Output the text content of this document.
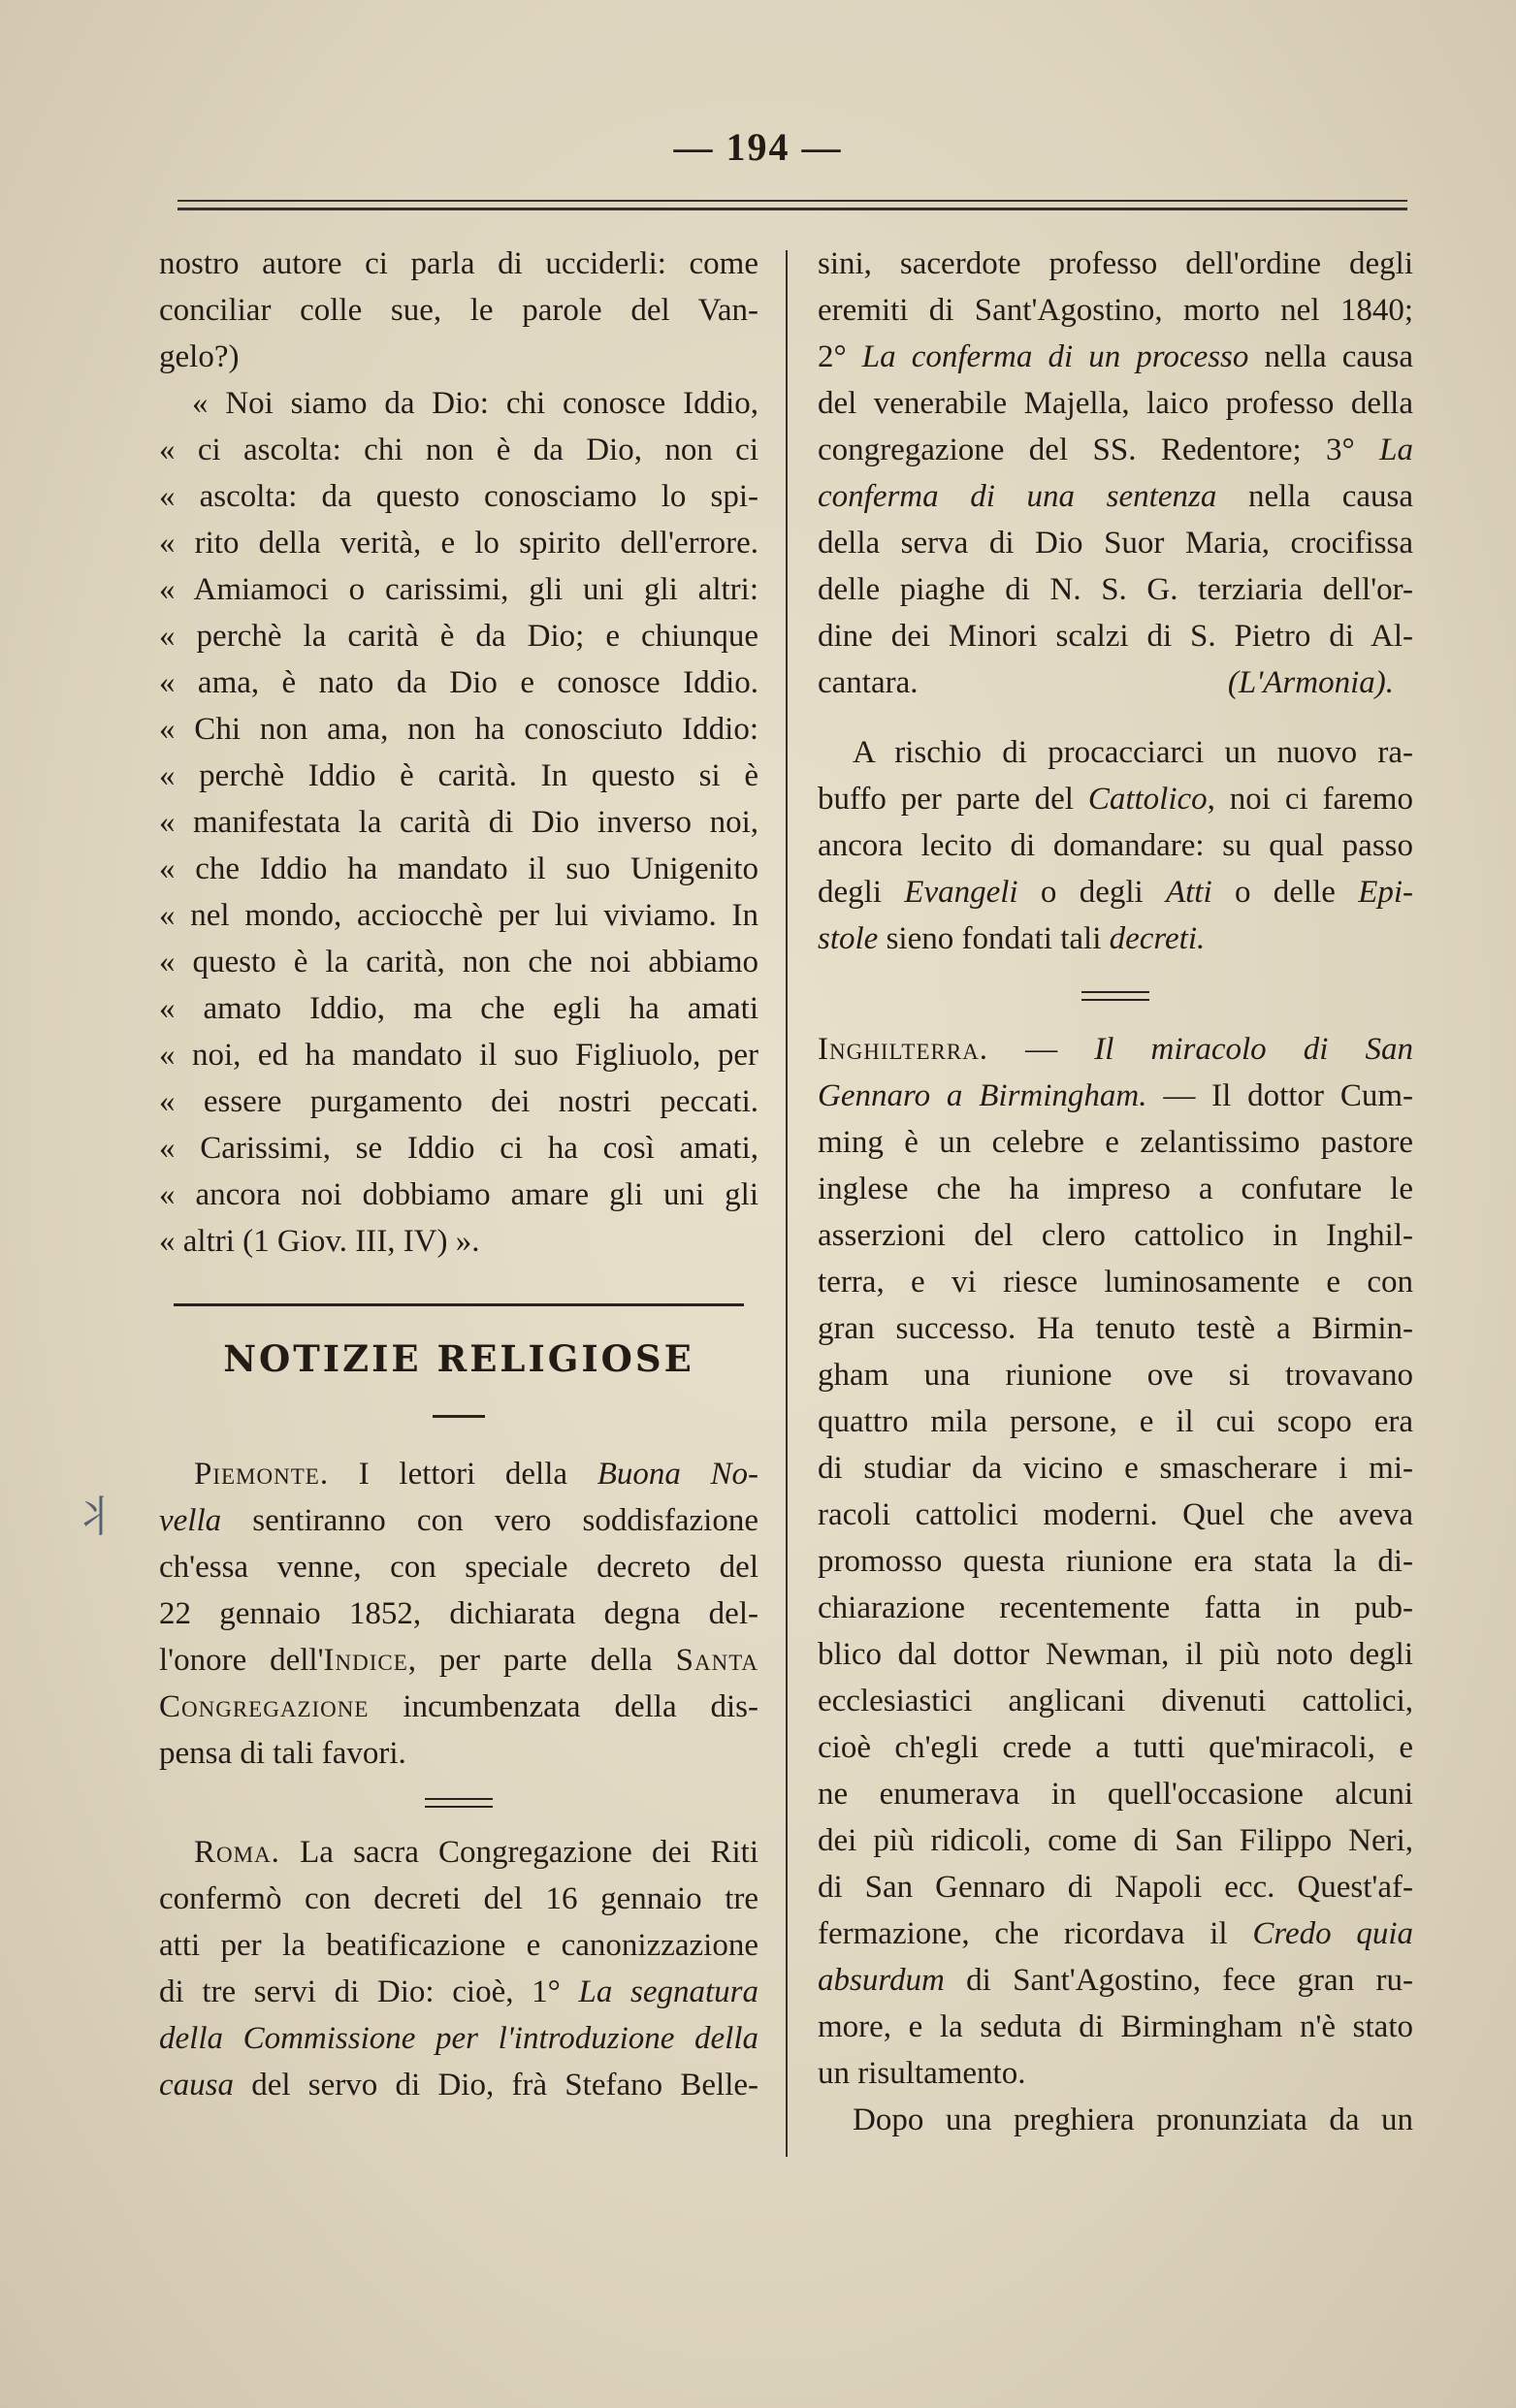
— 194 —
⺦

nostro autore ci parla di ucciderli: come
conciliar colle sue, le parole del Van-
gelo?)

« Noi siamo da Dio: chi conosce Iddio,
« ci ascolta: chi non è da Dio, non ci
« ascolta: da questo conosciamo lo spi-
« rito della verità, e lo spirito dell'errore.
« Amiamoci o carissimi, gli uni gli altri:
« perchè la carità è da Dio; e chiunque
« ama, è nato da Dio e conosce Iddio.
« Chi non ama, non ha conosciuto Iddio:
« perchè Iddio è carità. In questo si è
« manifestata la carità di Dio inverso noi,
« che Iddio ha mandato il suo Unigenito
« nel mondo, acciocchè per lui viviamo. In
« questo è la carità, non che noi abbiamo
« amato Iddio, ma che egli ha amati
« noi, ed ha mandato il suo Figliuolo, per
« essere purgamento dei nostri peccati.
« Carissimi, se Iddio ci ha così amati,
« ancora noi dobbiamo amare gli uni gli
« altri (1 Giov. III, IV) ».

NOTIZIE RELIGIOSE

Piemonte. I lettori della Buona No-
vella sentiranno con vero soddisfazione
ch'essa venne, con speciale decreto del
22 gennaio 1852, dichiarata degna del-
l'onore dell'Indice, per parte della Santa
Congregazione incumbenzata della dis-
pensa di tali favori.

Roma. La sacra Congregazione dei Riti
confermò con decreti del 16 gennaio tre
atti per la beatificazione e canonizzazione
di tre servi di Dio: cioè, 1° La segnatura
della Commissione per l'introduzione della
causa del servo di Dio, frà Stefano Belle-

sini, sacerdote professo dell'ordine degli
eremiti di Sant'Agostino, morto nel 1840;
2° La conferma di un processo nella causa
del venerabile Majella, laico professo della
congregazione del SS. Redentore; 3° La
conferma di una sentenza nella causa
della serva di Dio Suor Maria, crocifissa
delle piaghe di N. S. G. terziaria dell'or-
dine dei Minori scalzi di S. Pietro di Al-
cantara.	(L'Armonia).

A rischio di procacciarci un nuovo ra-
buffo per parte del Cattolico, noi ci faremo
ancora lecito di domandare: su qual passo
degli Evangeli o degli Atti o delle Epi-
stole sieno fondati tali decreti.

Inghilterra. — Il miracolo di San
Gennaro a Birmingham. — Il dottor Cum-
ming è un celebre e zelantissimo pastore
inglese che ha impreso a confutare le
asserzioni del clero cattolico in Inghil-
terra, e vi riesce luminosamente e con
gran successo. Ha tenuto testè a Birmin-
gham una riunione ove si trovavano
quattro mila persone, e il cui scopo era
di studiar da vicino e smascherare i mi-
racoli cattolici moderni. Quel che aveva
promosso questa riunione era stata la di-
chiarazione recentemente fatta in pub-
blico dal dottor Newman, il più noto degli
ecclesiastici anglicani divenuti cattolici,
cioè ch'egli crede a tutti que'miracoli, e
ne enumerava in quell'occasione alcuni
dei più ridicoli, come di San Filippo Neri,
di San Gennaro di Napoli ecc. Quest'af-
fermazione, che ricordava il Credo quia
absurdum di Sant'Agostino, fece gran ru-
more, e la seduta di Birmingham n'è stato
un risultamento.

Dopo una preghiera pronunziata da un
